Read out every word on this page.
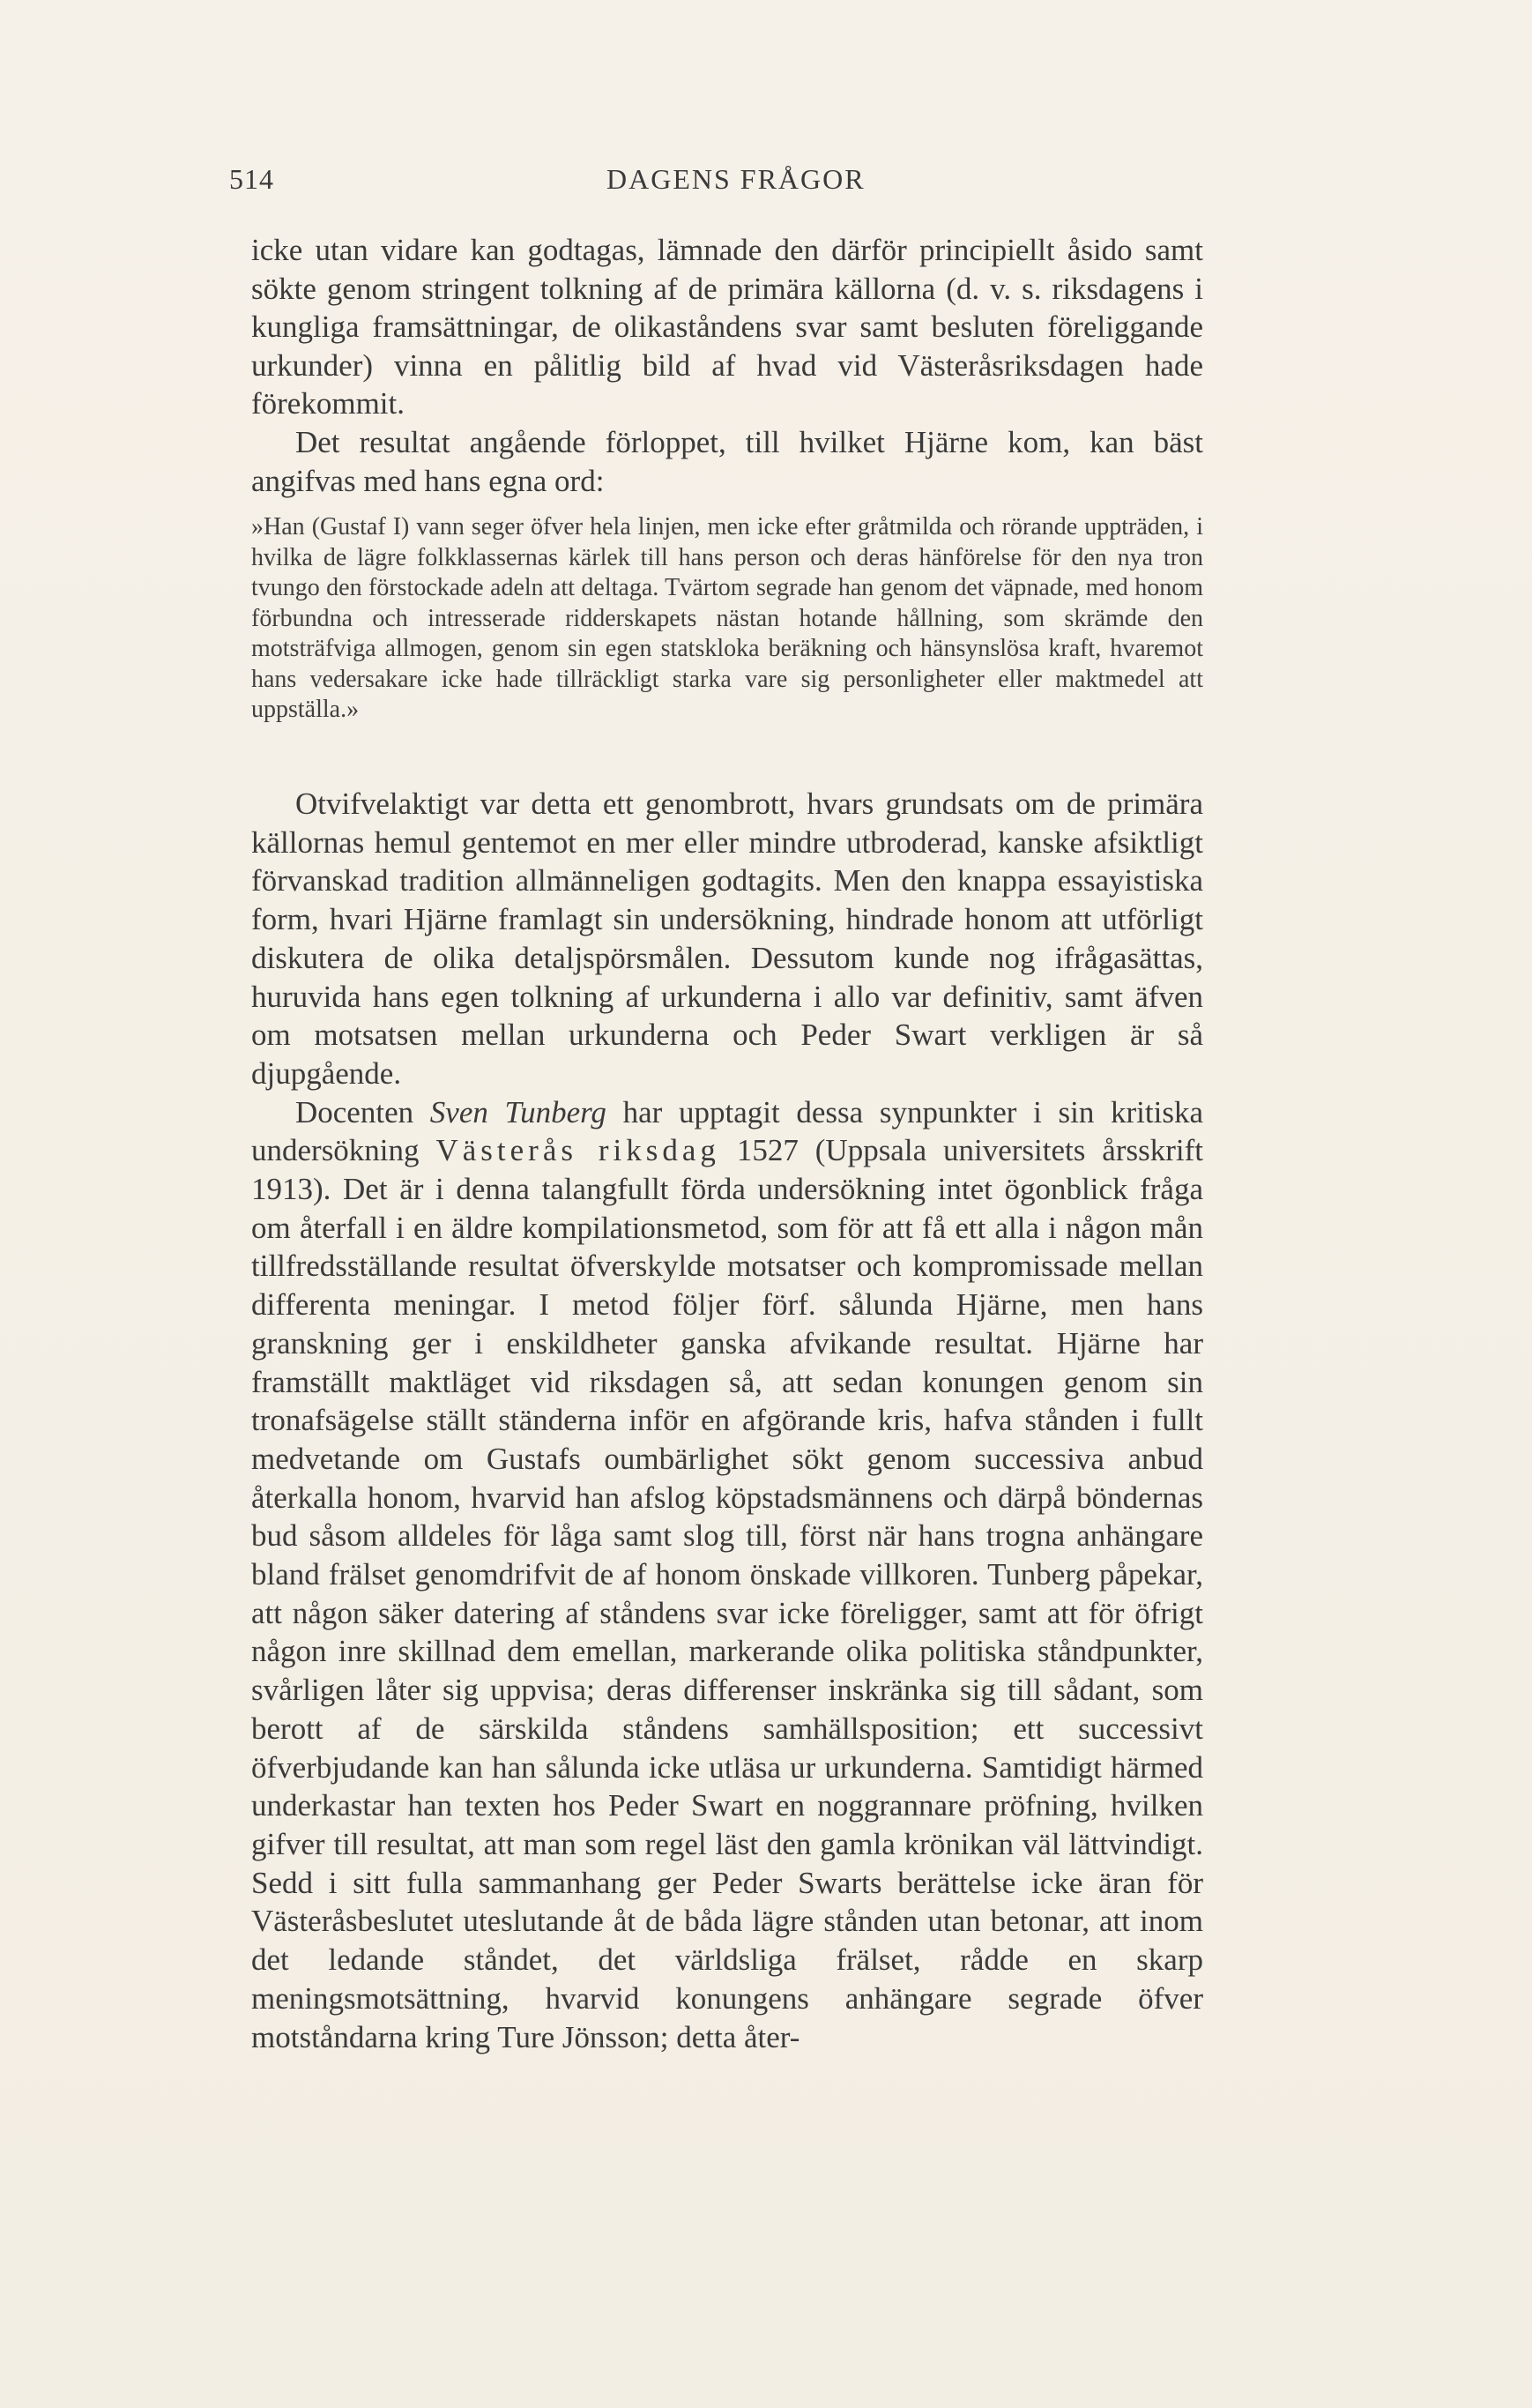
514	DAGENS FRÅGOR

icke utan vidare kan godtagas, lämnade den därför principiellt åsido samt sökte genom stringent tolkning af de primära källorna (d. v. s. riksdagens i kungliga framsättningar, de olikaståndens svar samt besluten föreliggande urkunder) vinna en pålitlig bild af hvad vid Västeråsriksdagen hade förekommit.

Det resultat angående förloppet, till hvilket Hjärne kom, kan bäst angifvas med hans egna ord:

»Han (Gustaf I) vann seger öfver hela linjen, men icke efter gråtmilda och rörande uppträden, i hvilka de lägre folkklassernas kärlek till hans person och deras hänförelse för den nya tron tvungo den förstockade adeln att deltaga. Tvärtom segrade han genom det väpnade, med honom förbundna och intresserade ridderskapets nästan hotande hållning, som skrämde den motsträfviga allmogen, genom sin egen statskloka beräkning och hänsynslösa kraft, hvaremot hans vedersakare icke hade tillräckligt starka vare sig personligheter eller maktmedel att uppställa.»

Otvifvelaktigt var detta ett genombrott, hvars grundsats om de primära källornas hemul gentemot en mer eller mindre utbroderad, kanske afsiktligt förvanskad tradition allmänneligen godtagits. Men den knappa essayistiska form, hvari Hjärne framlagt sin undersökning, hindrade honom att utförligt diskutera de olika detaljspörsmålen. Dessutom kunde nog ifrågasättas, huruvida hans egen tolkning af urkunderna i allo var definitiv, samt äfven om motsatsen mellan urkunderna och Peder Swart verkligen är så djupgående.

Docenten Sven Tunberg har upptagit dessa synpunkter i sin kritiska undersökning Västerås riksdag 1527 (Uppsala universitets årsskrift 1913). Det är i denna talangfullt förda undersökning intet ögonblick fråga om återfall i en äldre kompilationsmetod, som för att få ett alla i någon mån tillfredsställande resultat öfverskylde motsatser och kompromissade mellan differenta meningar. I metod följer förf. sålunda Hjärne, men hans granskning ger i enskildheter ganska afvikande resultat. Hjärne har framställt maktläget vid riksdagen så, att sedan konungen genom sin tronafsägelse ställt ständerna inför en afgörande kris, hafva stånden i fullt medvetande om Gustafs oumbärlighet sökt genom successiva anbud återkalla honom, hvarvid han afslog köpstadsmännens och därpå böndernas bud såsom alldeles för låga samt slog till, först när hans trogna anhängare bland frälset genomdrifvit de af honom önskade villkoren. Tunberg påpekar, att någon säker datering af ståndens svar icke föreligger, samt att för öfrigt någon inre skillnad dem emellan, markerande olika politiska ståndpunkter, svårligen låter sig uppvisa; deras differenser inskränka sig till sådant, som berott af de särskilda ståndens samhällsposition; ett successivt öfverbjudande kan han sålunda icke utläsa ur urkunderna. Samtidigt härmed underkastar han texten hos Peder Swart en noggrannare pröfning, hvilken gifver till resultat, att man som regel läst den gamla krönikan väl lättvindigt. Sedd i sitt fulla sammanhang ger Peder Swarts berättelse icke äran för Västeråsbeslutet uteslutande åt de båda lägre stånden utan betonar, att inom det ledande ståndet, det världsliga frälset, rådde en skarp meningsmotsättning, hvarvid konungens anhängare segrade öfver motståndarna kring Ture Jönsson; detta åter-
